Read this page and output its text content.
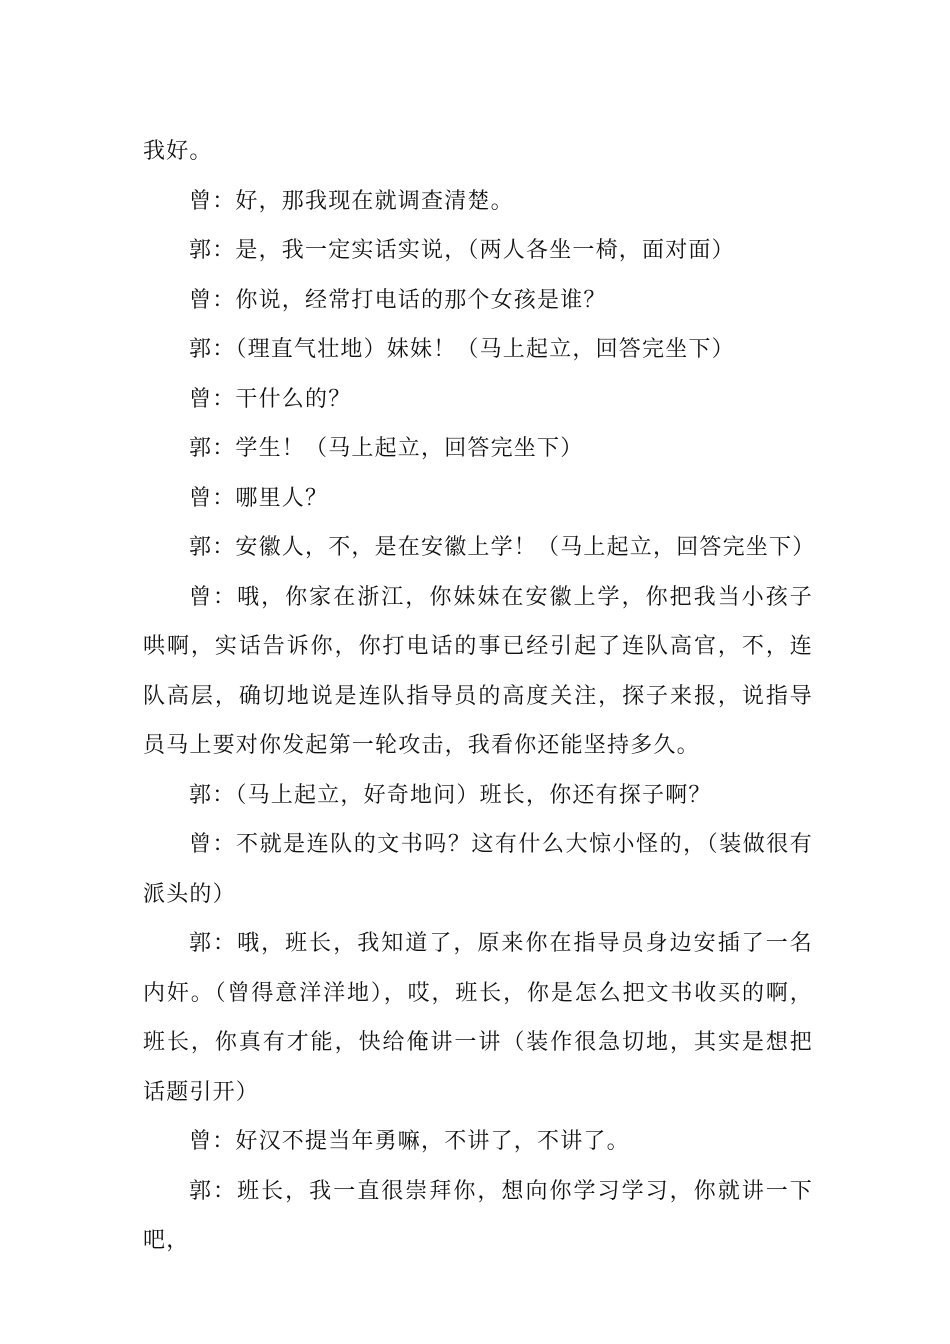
我好。

曾：好，那我现在就调查清楚。

郭：是，我一定实话实说，（两人各坐一椅，面对面）

曾：你说，经常打电话的那个女孩是谁？

郭：（理直气壮地）妹妹！（马上起立，回答完坐下）

曾：干什么的？

郭：学生！（马上起立，回答完坐下）

曾：哪里人？

郭：安徽人，不，是在安徽上学！（马上起立，回答完坐下）

曾：哦，你家在浙江，你妹妹在安徽上学，你把我当小孩子哄啊，实话告诉你，你打电话的事已经引起了连队高官，不，连队高层，确切地说是连队指导员的高度关注，探子来报，说指导员马上要对你发起第一轮攻击，我看你还能坚持多久。

郭：（马上起立，好奇地问）班长，你还有探子啊？

曾：不就是连队的文书吗？这有什么大惊小怪的，（装做很有派头的）

郭：哦，班长，我知道了，原来你在指导员身边安插了一名内奸。（曾得意洋洋地），哎，班长，你是怎么把文书收买的啊，班长，你真有才能，快给俺讲一讲（装作很急切地，其实是想把话题引开）

曾：好汉不提当年勇嘛，不讲了，不讲了。

郭：班长，我一直很崇拜你，想向你学习学习，你就讲一下吧，
